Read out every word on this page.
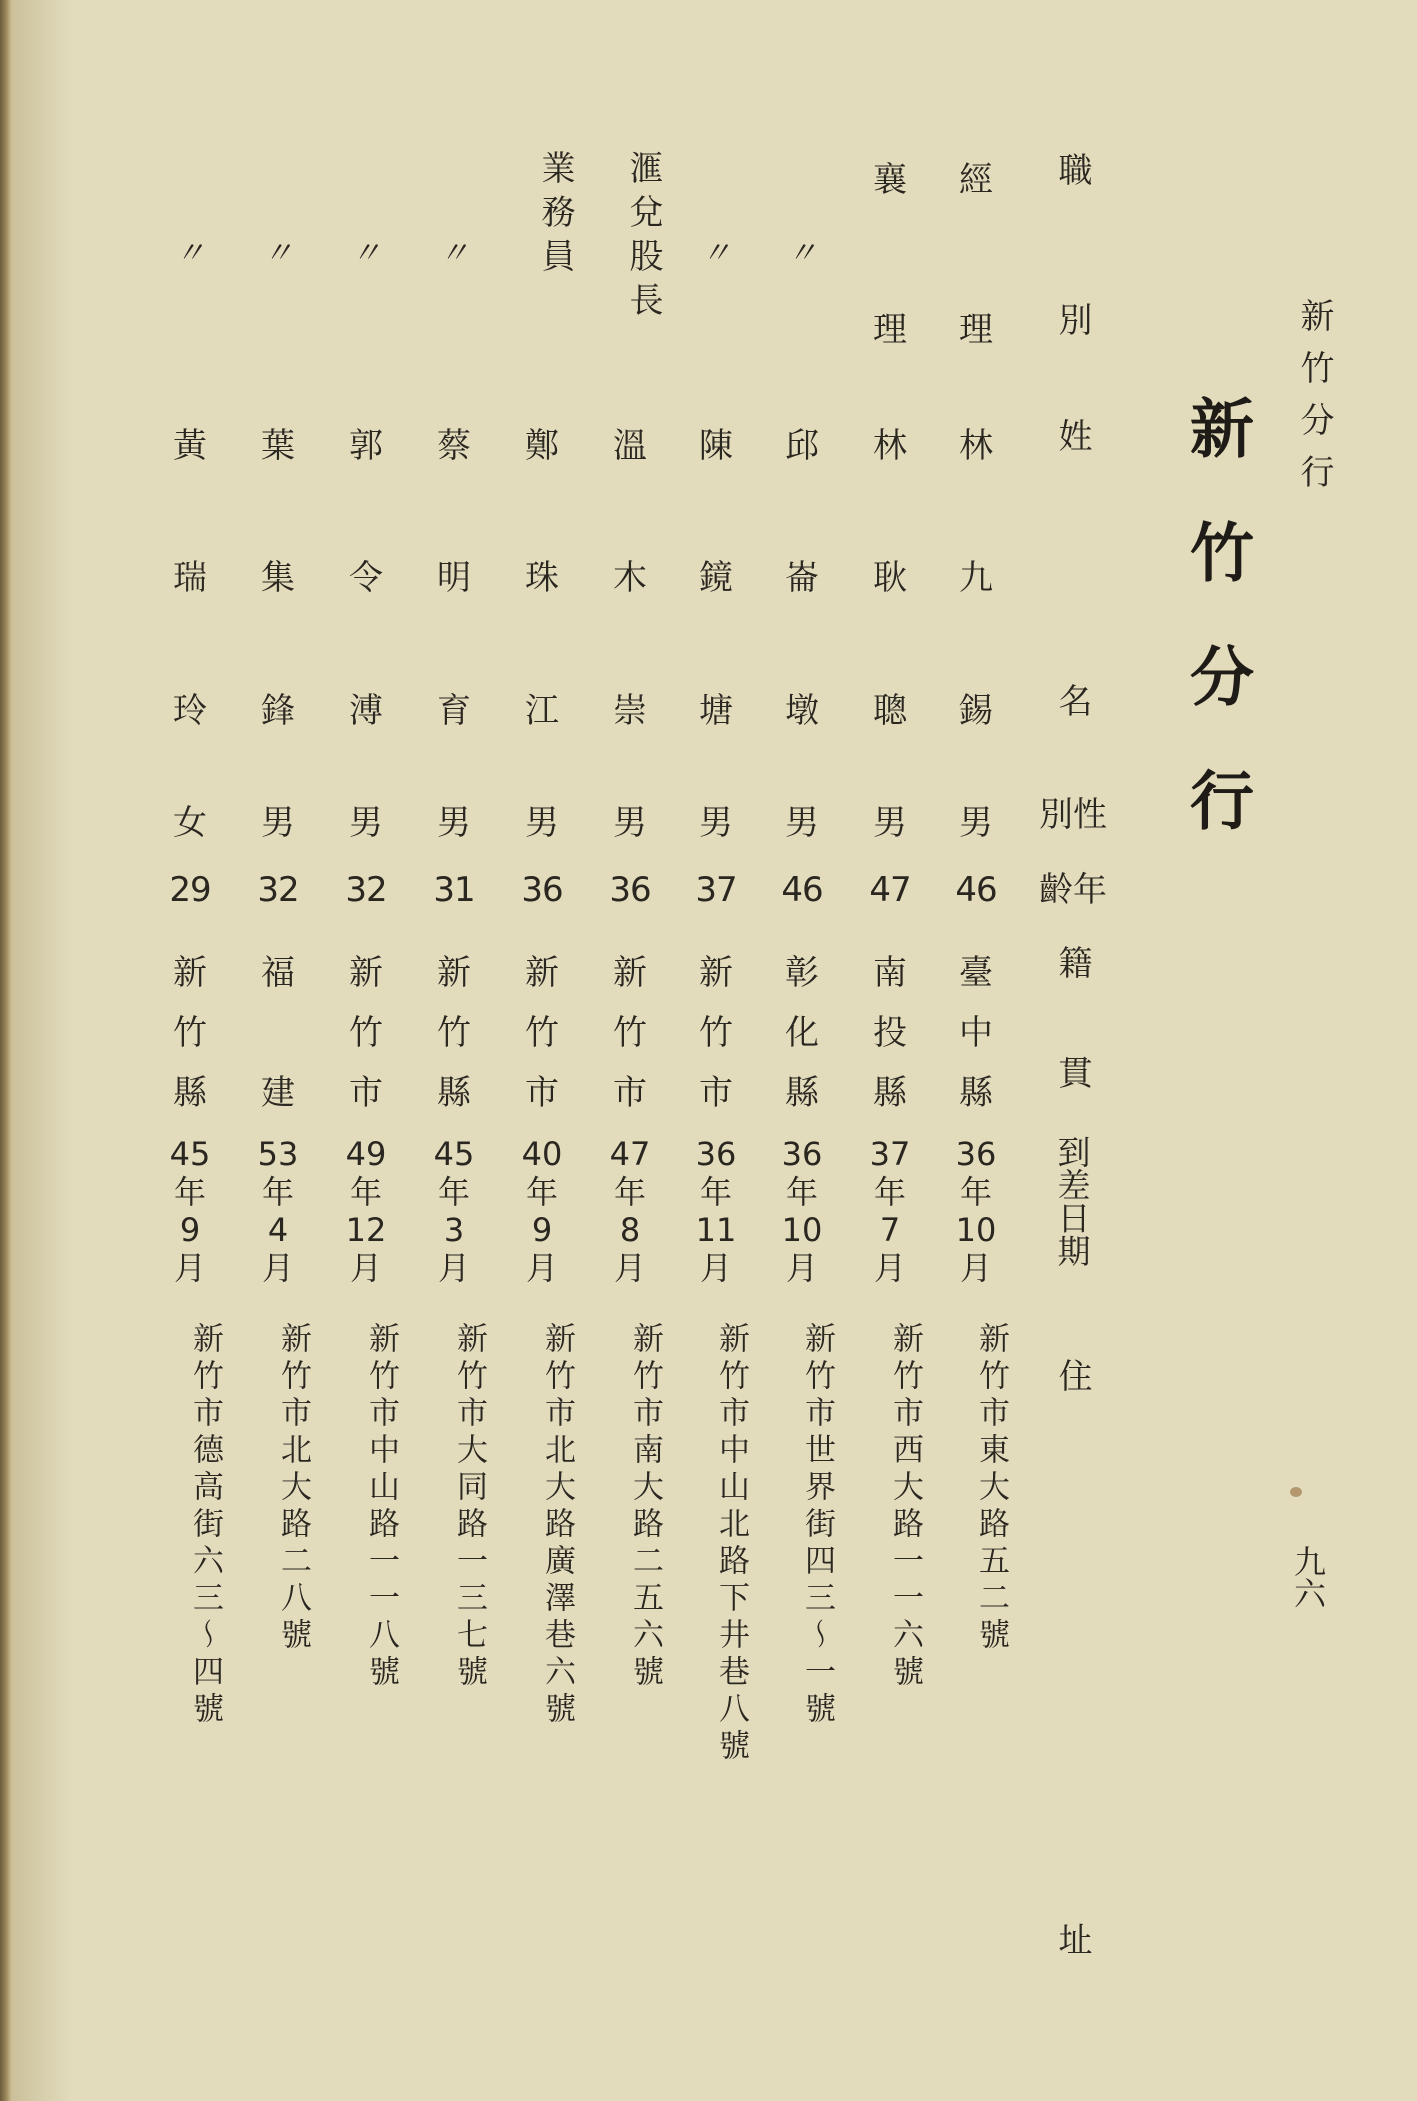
新竹分行
新竹分行
九六
職
別
姓
名
別性
齡年
籍
貫
到差日期
住
址
經
理
林
九
錫
男
46
臺
中
縣
36
年
10
月
新竹市東大路五二號
襄
理
林
耿
聰
男
47
南
投
縣
37
年
7
月
新竹市西大路一一六號
〃
邱
崙
墩
男
46
彰
化
縣
36
年
10
月
新竹市世界街四三〜一號
〃
陳
鏡
塘
男
37
新
竹
市
36
年
11
月
新竹市中山北路下井巷八號
滙兌股長
溫
木
崇
男
36
新
竹
市
47
年
8
月
新竹市南大路二五六號
業務員
鄭
珠
江
男
36
新
竹
市
40
年
9
月
新竹市北大路廣澤巷六號
〃
蔡
明
育
男
31
新
竹
縣
45
年
3
月
新竹市大同路一三七號
〃
郭
令
溥
男
32
新
竹
市
49
年
12
月
新竹市中山路一一八號
〃
葉
集
鋒
男
32
福
建
53
年
4
月
新竹市北大路二八號
〃
黃
瑞
玲
女
29
新
竹
縣
45
年
9
月
新竹市德高街六三〜四號
